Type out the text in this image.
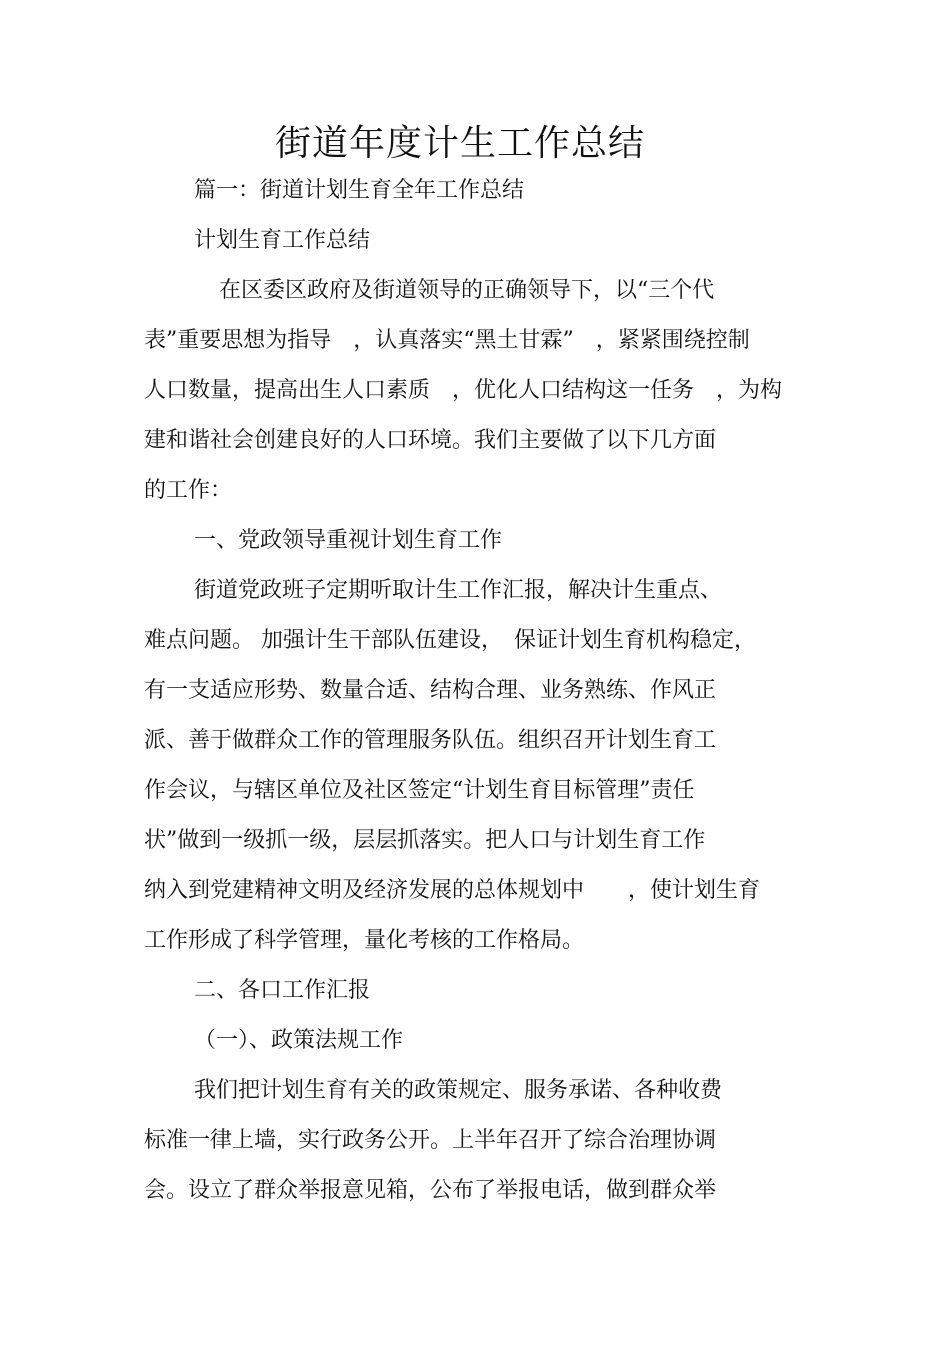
街道年度计生工作总结

篇一：街道计划生育全年工作总结

计划生育工作总结

在区委区政府及街道领导的正确领导下，以“三个代

表”重要思想为指导　，认真落实“黑土甘霖”　，紧紧围绕控制

人口数量，提高出生人口素质　，优化人口结构这一任务　，为构

建和谐社会创建良好的人口环境。我们主要做了以下几方面

的工作：

一、党政领导重视计划生育工作

街道党政班子定期听取计生工作汇报，解决计生重点、

难点问题。 加强计生干部队伍建设，　保证计划生育机构稳定，

有一支适应形势、数量合适、结构合理、业务熟练、作风正

派、善于做群众工作的管理服务队伍。组织召开计划生育工

作会议，与辖区单位及社区签定“计划生育目标管理”责任

状”做到一级抓一级，层层抓落实。把人口与计划生育工作

纳入到党建精神文明及经济发展的总体规划中　　，使计划生育

工作形成了科学管理，量化考核的工作格局。

二、各口工作汇报

（一）、政策法规工作

我们把计划生育有关的政策规定、服务承诺、各种收费

标准一律上墙，实行政务公开。上半年召开了综合治理协调

会。设立了群众举报意见箱，公布了举报电话，做到群众举
